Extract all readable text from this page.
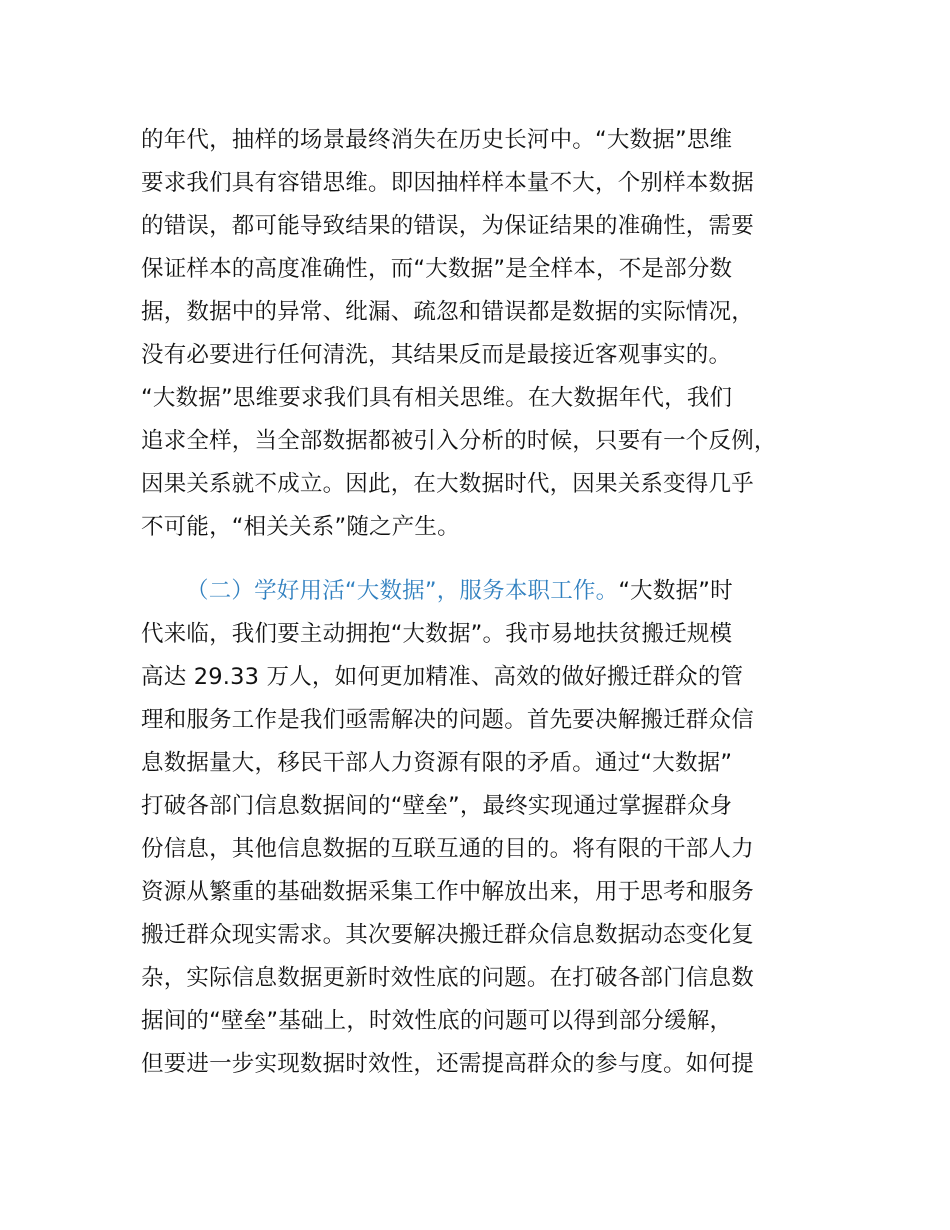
的年代，抽样的场景最终消失在历史长河中。“大数据”思维
要求我们具有容错思维。即因抽样样本量不大，个别样本数据
的错误，都可能导致结果的错误，为保证结果的准确性，需要
保证样本的高度准确性，而“大数据”是全样本，不是部分数
据，数据中的异常、纰漏、疏忽和错误都是数据的实际情况，
没有必要进行任何清洗，其结果反而是最接近客观事实的。
“大数据”思维要求我们具有相关思维。在大数据年代，我们
追求全样，当全部数据都被引入分析的时候，只要有一个反例，
因果关系就不成立。因此，在大数据时代，因果关系变得几乎
不可能，“相关关系”随之产生。
（二）学好用活“大数据”，服务本职工作。“大数据”时
代来临，我们要主动拥抱“大数据”。我市易地扶贫搬迁规模
高达 29.33 万人，如何更加精准、高效的做好搬迁群众的管
理和服务工作是我们亟需解决的问题。首先要决解搬迁群众信
息数据量大，移民干部人力资源有限的矛盾。通过“大数据”
打破各部门信息数据间的“壁垒”，最终实现通过掌握群众身
份信息，其他信息数据的互联互通的目的。将有限的干部人力
资源从繁重的基础数据采集工作中解放出来，用于思考和服务
搬迁群众现实需求。其次要解决搬迁群众信息数据动态变化复
杂，实际信息数据更新时效性底的问题。在打破各部门信息数
据间的“壁垒”基础上，时效性底的问题可以得到部分缓解，
但要进一步实现数据时效性，还需提高群众的参与度。如何提
